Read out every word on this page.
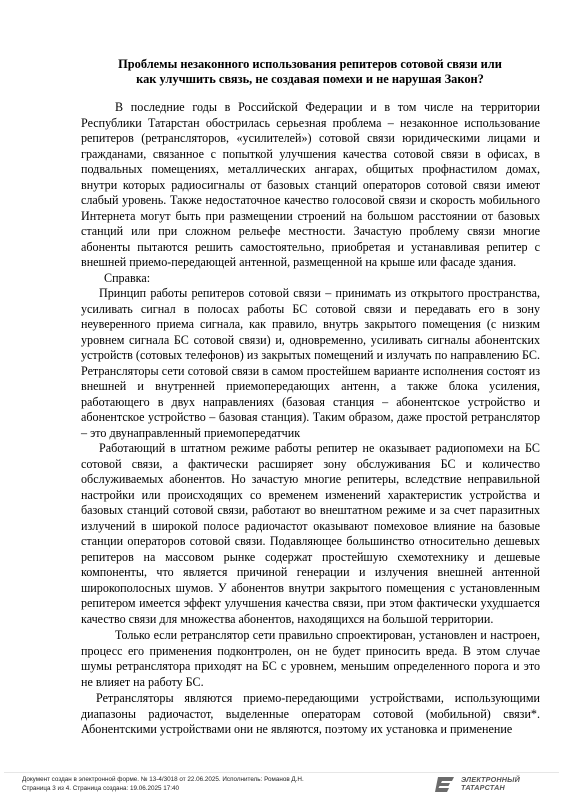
Проблемы незаконного использования репитеров сотовой связи или
как улучшить связь, не создавая помехи и не нарушая Закон?

В последние годы в Российской Федерации и в том числе на территории Республики Татарстан обострилась серьезная проблема – незаконное использование репитеров (ретрансляторов, «усилителей») сотовой связи юридическими лицами и гражданами, связанное с попыткой улучшения качества сотовой связи в офисах, в подвальных помещениях, металлических ангарах, общитых профнастилом домах, внутри которых радиосигналы от базовых станций операторов сотовой связи имеют слабый уровень. Также недостаточное качество голосовой связи и скорость мобильного Интернета могут быть при размещении строений на большом расстоянии от базовых станций или при сложном рельефе местности. Зачастую проблему связи многие абоненты пытаются решить самостоятельно, приобретая и устанавливая репитер с внешней приемо-передающей антенной, размещенной на крыше или фасаде здания.

Справка:

Принцип работы репитеров сотовой связи – принимать из открытого пространства, усиливать сигнал в полосах работы БС сотовой связи и передавать его в зону неуверенного приема сигнала, как правило, внутрь закрытого помещения (с низким уровнем сигнала БС сотовой связи) и, одновременно, усиливать сигналы абонентских устройств (сотовых телефонов) из закрытых помещений и излучать по направлению БС. Ретрансляторы сети сотовой связи в самом простейшем варианте исполнения состоят из внешней и внутренней приемопередающих антенн, а также блока усиления, работающего в двух направлениях (базовая станция – абонентское устройство и абонентское устройство – базовая станция). Таким образом, даже простой ретранслятор – это двунаправленный приемопередатчик

Работающий в штатном режиме работы репитер не оказывает радиопомехи на БС сотовой связи, а фактически расширяет зону обслуживания БС и количество обслуживаемых абонентов. Но зачастую многие репитеры, вследствие неправильной настройки или происходящих со временем изменений характеристик устройства и базовых станций сотовой связи, работают во внештатном режиме и за счет паразитных излучений в широкой полосе радиочастот оказывают помеховое влияние на базовые станции операторов сотовой связи. Подавляющее большинство относительно дешевых репитеров на массовом рынке содержат простейшую схемотехнику и дешевые компоненты, что является причиной генерации и излучения внешней антенной широкополосных шумов. У абонентов внутри закрытого помещения с установленным репитером имеется эффект улучшения качества связи, при этом фактически ухудшается качество связи для множества абонентов, находящихся на большой территории.

Только если ретранслятор сети правильно спроектирован, установлен и настроен, процесс его применения подконтролен, он не будет приносить вреда. В этом случае шумы ретранслятора приходят на БС с уровнем, меньшим определенного порога и это не влияет на работу БС.

Ретрансляторы являются приемо-передающими устройствами, использующими диапазоны радиочастот, выделенные операторам сотовой (мобильной) связи*. Абонентскими устройствами они не являются, поэтому их установка и применение

Документ создан в электронной форме. № 13-4/3018 от 22.06.2025. Исполнитель: Романов Д.Н.
Страница 3 из 4. Страница создана: 19.06.2025 17:40
ЭЛЕКТРОННЫЙ
ТАТАРСТАН
